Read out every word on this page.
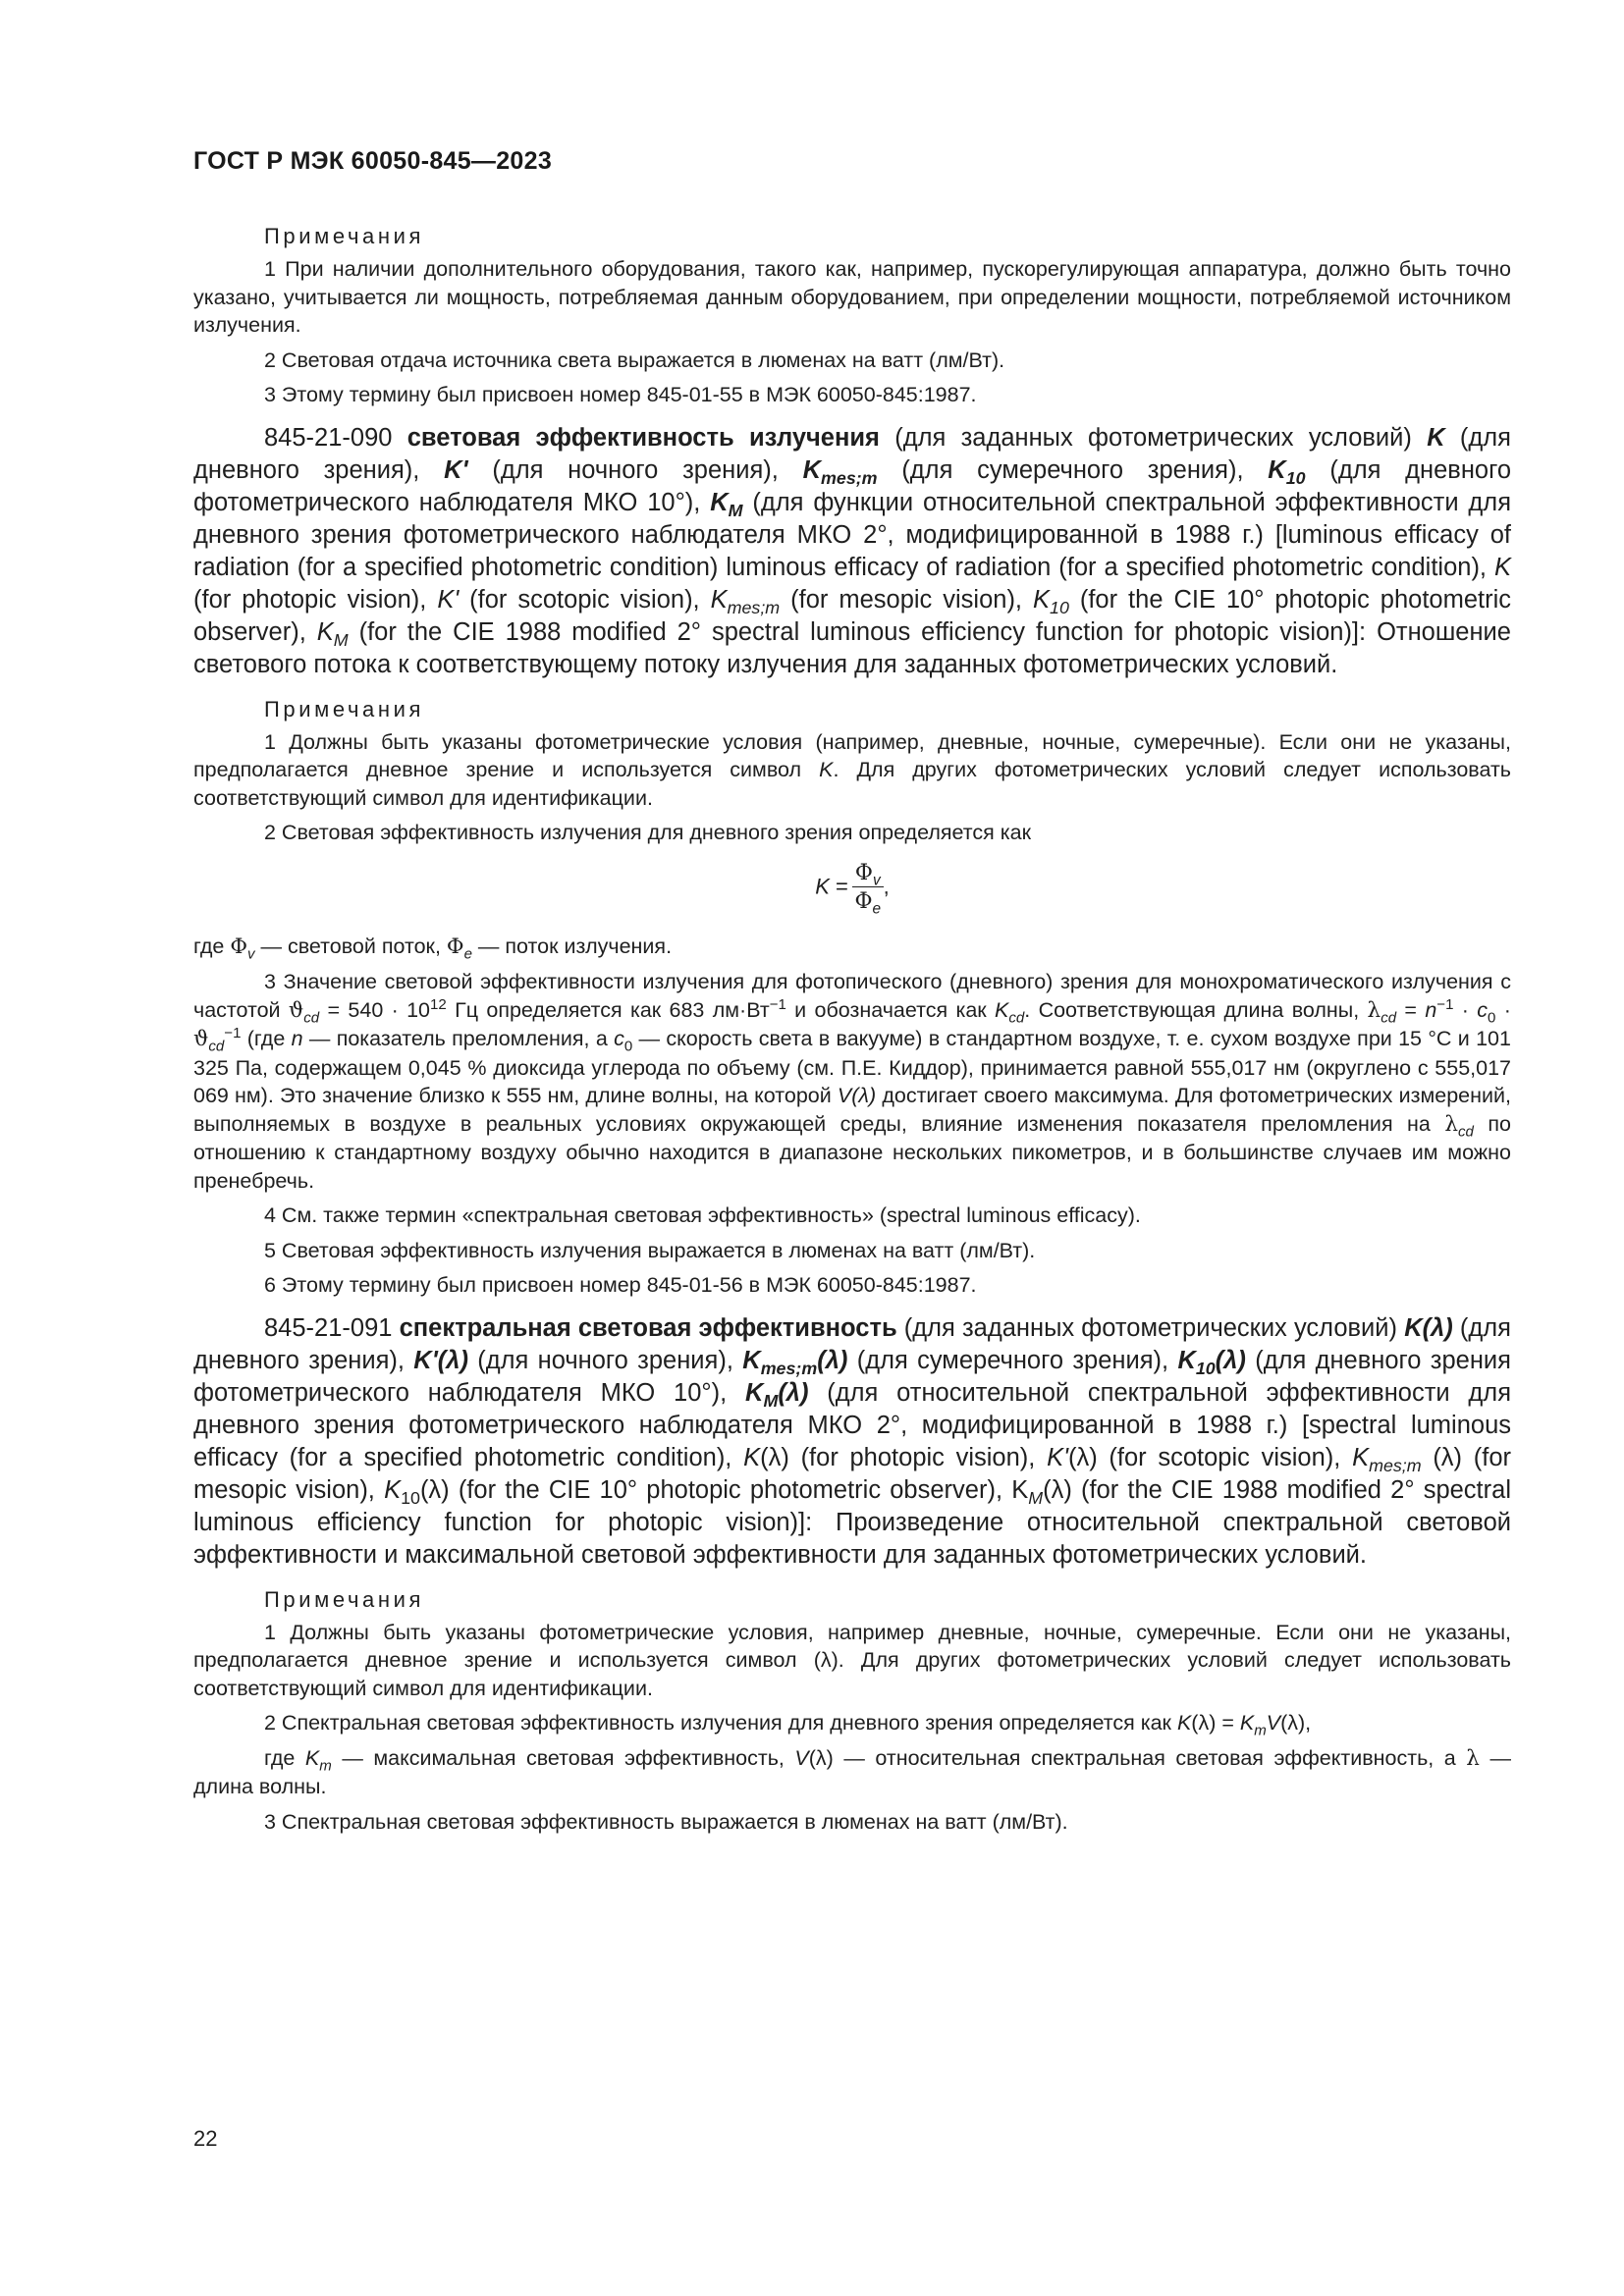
ГОСТ Р МЭК 60050-845—2023
Примечания

1 При наличии дополнительного оборудования, такого как, например, пускорегулирующая аппаратура, должно быть точно указано, учитывается ли мощность, потребляемая данным оборудованием, при определении мощности, потребляемой источником излучения.

2 Световая отдача источника света выражается в люменах на ватт (лм/Вт).

3 Этому термину был присвоен номер 845-01-55 в МЭК 60050-845:1987.

845-21-090 световая эффективность излучения (для заданных фотометрических условий) K (для дневного зрения), K' (для ночного зрения), $K_{mes;m}$ (для сумеречного зрения), $K_{10}$ (для дневного фотометрического наблюдателя МКО 10°), $K_M$ (для функции относительной спектральной эффективности для дневного зрения фотометрического наблюдателя МКО 2°, модифицированной в 1988 г.) [luminous efficacy of radiation (for a specified photometric condition) luminous efficacy of radiation (for a specified photometric condition), K (for photopic vision), K' (for scotopic vision), $K_{mes;m}$ (for mesopic vision), $K_{10}$ (for the CIE 10° photopic photometric observer), $K_M$ (for the CIE 1988 modified 2° spectral luminous efficiency function for photopic vision)]: Отношение светового потока к соответствующему потоку излучения для заданных фотометрических условий.

Примечания

1 Должны быть указаны фотометрические условия (например, дневные, ночные, сумеречные). Если они не указаны, предполагается дневное зрение и используется символ K. Для других фотометрических условий следует использовать соответствующий символ для идентификации.

2 Световая эффективность излучения для дневного зрения определяется как

$K = \frac{\Phi_v}{\Phi_e}$ ,

где $\Phi_v$ — световой поток, $\Phi_e$ — поток излучения.

3 Значение световой эффективности излучения для фотопического (дневного) зрения для монохроматического излучения с частотой $ϑ_{cd} = 540 \cdot 10^{12}$ Гц определяется как 683 $лм\cdot Вт^{-1}$ и обозначается как $K_{cd}$. Соответствующая длина волны, $\lambda_{cd} = n^{-1} \cdot c_0 \cdot ϑ_{cd}^{-1}$ (где n — показатель преломления, а $c_0$ — скорость света в вакууме) в стандартном воздухе, т. е. сухом воздухе при 15 °C и 101 325 Па, содержащем 0,045 % диоксида углерода по объему (см. П.Е. Киддор), принимается равной 555,017 нм (округлено с 555,017 069 нм). Это значение близко к 555 нм, длине волны, на которой V(λ) достигает своего максимума. Для фотометрических измерений, выполняемых в воздухе в реальных условиях окружающей среды, влияние изменения показателя преломления на $\lambda_{cd}$ по отношению к стандартному воздуху обычно находится в диапазоне нескольких пикометров, и в большинстве случаев им можно пренебречь.

4 См. также термин «спектральная световая эффективность» (spectral luminous efficacy).

5 Световая эффективность излучения выражается в люменах на ватт (лм/Вт).

6 Этому термину был присвоен номер 845-01-56 в МЭК 60050-845:1987.

845-21-091 спектральная световая эффективность (для заданных фотометрических условий) K(λ) (для дневного зрения), K'(λ) (для ночного зрения), $K_{mes;m}(\lambda)$ (для сумеречного зрения), $K_{10}(\lambda)$ (для дневного зрения фотометрического наблюдателя МКО 10°), $K_M(\lambda)$ (для относительной спектральной эффективности для дневного зрения фотометрического наблюдателя МКО 2°, модифицированной в 1988 г.) [spectral luminous efficacy (for a specified photometric condition), K(λ) (for photopic vision), K'(λ) (for scotopic vision), $K_{mes;m}$ (λ) (for mesopic vision), $K_{10}(\lambda)$ (for the CIE 10° photopic photometric observer), $K_M(\lambda)$ (for the CIE 1988 modified 2° spectral luminous efficiency function for photopic vision)]: Произведение относительной спектральной световой эффективности и максимальной световой эффективности для заданных фотометрических условий.

Примечания

1 Должны быть указаны фотометрические условия, например дневные, ночные, сумеречные. Если они не указаны, предполагается дневное зрение и используется символ (λ). Для других фотометрических условий следует использовать соответствующий символ для идентификации.

2 Спектральная световая эффективность излучения для дневного зрения определяется как $K(\lambda) = K_mV(\lambda)$,

где $K_m$ — максимальная световая эффективность, V(λ) — относительная спектральная световая эффективность, а λ — длина волны.

3 Спектральная световая эффективность выражается в люменах на ватт (лм/Вт).

22
